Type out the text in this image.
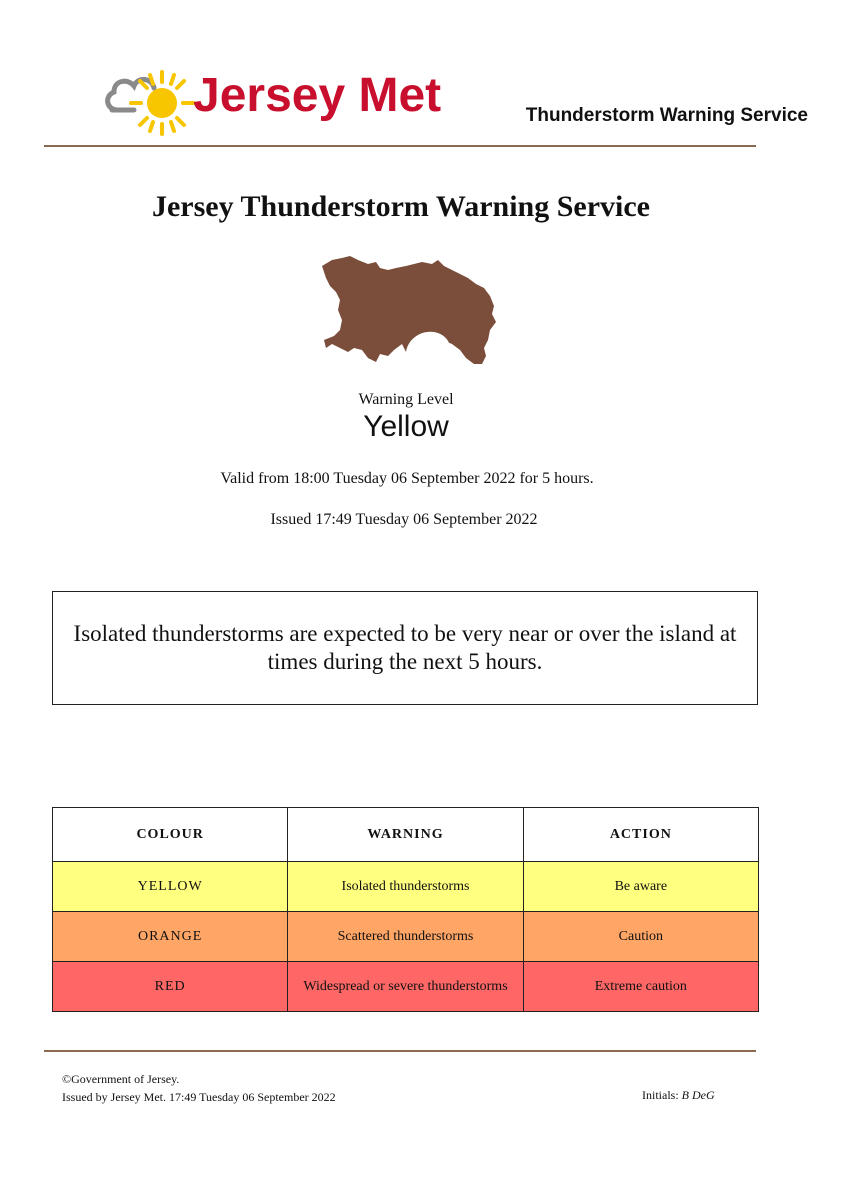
Jersey Met	Thunderstorm Warning Service
Jersey Thunderstorm Warning Service
Warning Level
Yellow
Valid from 18:00 Tuesday 06 September 2022 for 5 hours.
Issued 17:49 Tuesday 06 September 2022
Isolated thunderstorms are expected to be very near or over the island at times during the next 5 hours.
COLOUR	WARNING	ACTION
YELLOW	Isolated thunderstorms	Be aware
ORANGE	Scattered thunderstorms	Caution
RED	Widespread or severe thunderstorms	Extreme caution
©Government of Jersey.
Issued by Jersey Met. 17:49 Tuesday 06 September 2022	Initials: B DeG
